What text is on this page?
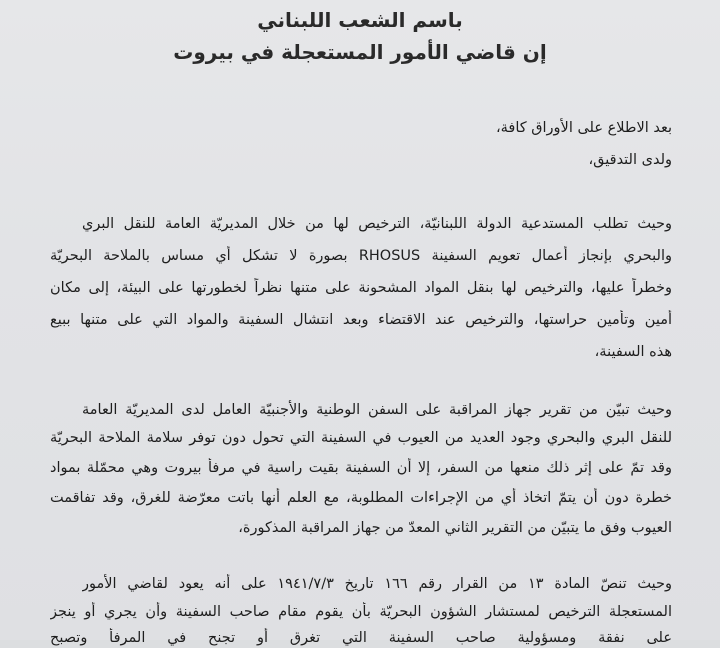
باسم الشعب اللبناني
إن قاضي الأمور المستعجلة في بيروت
بعد الاطلاع على الأوراق كافة،
ولدى التدقيق،
وحيث تطلب المستدعية الدولة اللبنانيّة، الترخيص لها من خلال المديريّة العامة للنقل البري
والبحري بإنجاز أعمال تعويم السفينة RHOSUS بصورة لا تشكل أي مساس بالملاحة البحريّة
وخطراً عليها، والترخيص لها بنقل المواد المشحونة على متنها نظراً لخطورتها على البيئة، إلى مكان
أمين وتأمين حراستها، والترخيص عند الاقتضاء وبعد انتشال السفينة والمواد التي على متنها ببيع
هذه السفينة،
وحيث تبيّن من تقرير جهاز المراقبة على السفن الوطنية والأجنبيّة العامل لدى المديريّة العامة
للنقل البري والبحري وجود العديد من العيوب في السفينة التي تحول دون توفر سلامة الملاحة البحريّة
وقد تمّ على إثر ذلك منعها من السفر، إلا أن السفينة بقيت راسية في مرفأ بيروت وهي محمّلة بمواد
خطرة دون أن يتمّ اتخاذ أي من الإجراءات المطلوبة، مع العلم أنها باتت معرّضة للغرق، وقد تفاقمت
العيوب وفق ما يتبيّن من التقرير الثاني المعدّ من جهاز المراقبة المذكورة،
وحيث تنصّ المادة ١٣ من القرار رقم ١٦٦ تاريخ ١٩٤١/٧/٣ على أنه يعود لقاضي الأمور
المستعجلة الترخيص لمستشار الشؤون البحريّة بأن يقوم مقام صاحب السفينة وأن يجري أو ينجز
على نفقة ومسؤولية صاحب السفينة التي تغرق أو تجنح في المرفأ وتصبح
